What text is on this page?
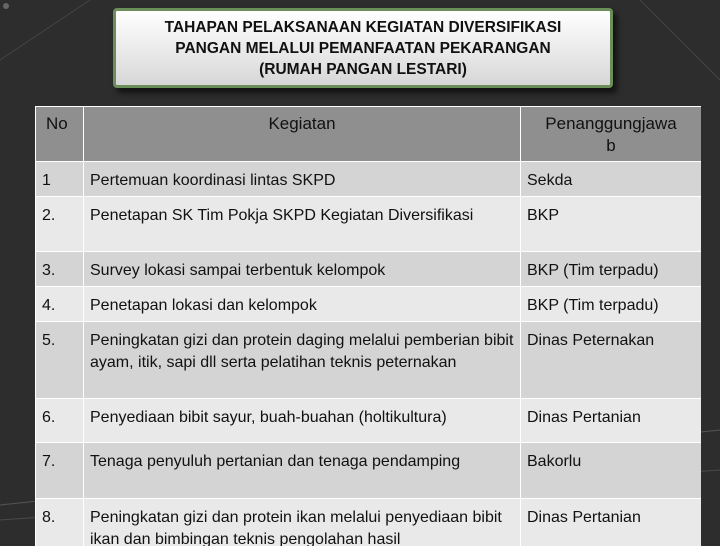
TAHAPAN PELAKSANAAN KEGIATAN DIVERSIFIKASI
PANGAN MELALUI PEMANFAATAN PEKARANGAN
(RUMAH PANGAN LESTARI)
No	Kegiatan	Penanggungjawa
b
1	Pertemuan koordinasi lintas SKPD	Sekda
2.	Penetapan SK Tim Pokja SKPD Kegiatan Diversifikasi	BKP
3.	Survey lokasi sampai terbentuk kelompok	BKP (Tim terpadu)
4.	Penetapan lokasi dan kelompok	BKP (Tim terpadu)
5.	Peningkatan gizi dan protein daging melalui pemberian bibit ayam, itik, sapi dll serta pelatihan teknis peternakan	Dinas Peternakan
6.	Penyediaan bibit sayur, buah-buahan (holtikultura)	Dinas Pertanian
7.	Tenaga penyuluh pertanian dan tenaga pendamping	Bakorlu
8.	Peningkatan gizi dan protein ikan melalui penyediaan bibit ikan dan bimbingan teknis pengolahan hasil	Dinas Pertanian
